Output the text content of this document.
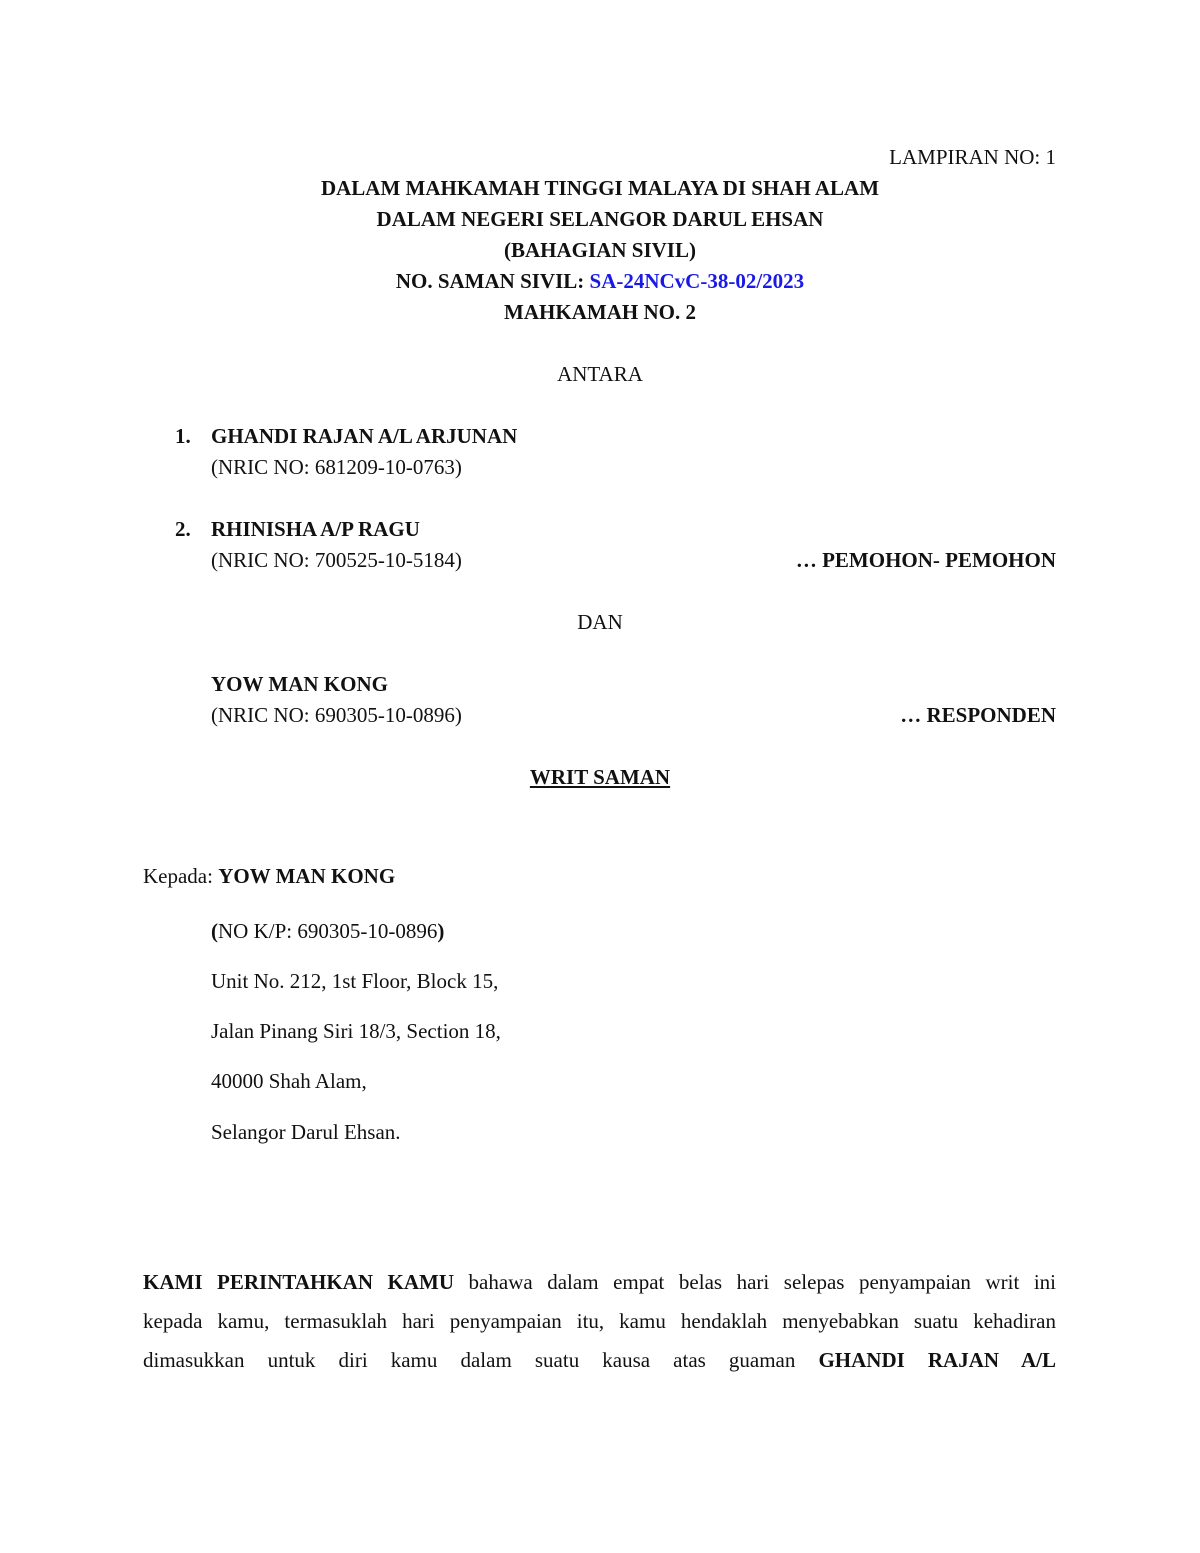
LAMPIRAN NO: 1
DALAM MAHKAMAH TINGGI MALAYA DI SHAH ALAM
DALAM NEGERI SELANGOR DARUL EHSAN
(BAHAGIAN SIVIL)
NO. SAMAN SIVIL: SA-24NCvC-38-02/2023
MAHKAMAH NO. 2
ANTARA
1. GHANDI RAJAN A/L ARJUNAN
(NRIC NO: 681209-10-0763)
2. RHINISHA A/P RAGU
(NRIC NO: 700525-10-5184)	… PEMOHON- PEMOHON
DAN
YOW MAN KONG
(NRIC NO: 690305-10-0896)	… RESPONDEN
WRIT SAMAN
Kepada: YOW MAN KONG
(NO K/P: 690305-10-0896)
Unit No. 212, 1st Floor, Block 15,
Jalan Pinang Siri 18/3, Section 18,
40000 Shah Alam,
Selangor Darul Ehsan.
KAMI PERINTAHKAN KAMU bahawa dalam empat belas hari selepas penyampaian writ ini
kepada kamu, termasuklah hari penyampaian itu, kamu hendaklah menyebabkan suatu kehadiran
dimasukkan untuk diri kamu dalam suatu kausa atas guaman GHANDI RAJAN A/L
